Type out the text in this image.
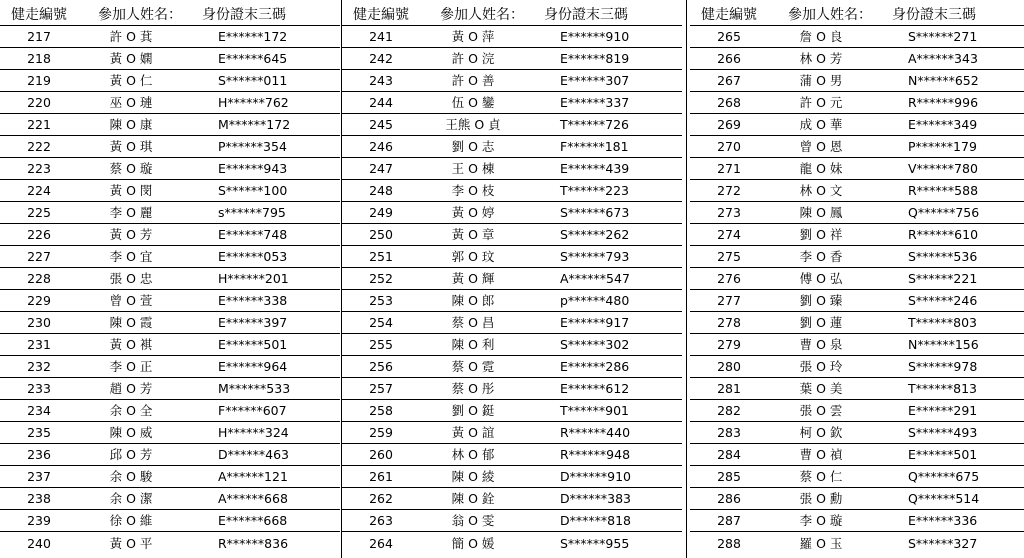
健走編號	參加人姓名：	身份證末三碼
217	許 O 萁	E******172
218	黃 O 嫻	E******645
219	黃 O 仁	S******011
220	巫 O 璉	H******762
221	陳 O 康	M******172
222	黃 O 琪	P******354
223	蔡 O 璇	E******943
224	黃 O 閔	S******100
225	李 O 麗	s******795
226	黃 O 芳	E******748
227	李 O 宜	E******053
228	張 O 忠	H******201
229	曾 O 萱	E******338
230	陳 O 霞	E******397
231	黃 O 褀	E******501
232	李 O 正	E******964
233	趙 O 芳	M******533
234	余 O 全	F******607
235	陳 O 威	H******324
236	邱 O 芳	D******463
237	余 O 駿	A******121
238	余 O 潔	A******668
239	徐 O 維	E******668
240	黃 O 平	R******836
健走編號	參加人姓名：	身份證末三碼
241	黃 O 萍	E******910
242	許 O 浣	E******819
243	許 O 善	E******307
244	伍 O 鑾	E******337
245	王熊 O 貞	T******726
246	劉 O 志	F******181
247	王 O 棟	E******439
248	李 O 枝	T******223
249	黃 O 婷	S******673
250	黃 O 章	S******262
251	郭 O 玟	S******793
252	黃 O 輝	A******547
253	陳 O 郎	p******480
254	蔡 O 昌	E******917
255	陳 O 利	S******302
256	蔡 O 霓	E******286
257	蔡 O 彤	E******612
258	劉 O 鋌	T******901
259	黃 O 誼	R******440
260	林 O 郁	R******948
261	陳 O 綾	D******910
262	陳 O 銓	D******383
263	翁 O 雯	D******818
264	簡 O 媛	S******955
健走編號	參加人姓名：	身份證末三碼
265	詹 O 良	S******271
266	林 O 芳	A******343
267	蒲 O 男	N******652
268	許 O 元	R******996
269	成 O 華	E******349
270	曾 O 恩	P******179
271	龍 O 妹	V******780
272	林 O 文	R******588
273	陳 O 鳳	Q******756
274	劉 O 祥	R******610
275	李 O 香	S******536
276	傅 O 弘	S******221
277	劉 O 臻	S******246
278	劉 O 蓮	T******803
279	曹 O 泉	N******156
280	張 O 玲	S******978
281	葉 O 美	T******813
282	張 O 雲	E******291
283	柯 O 欽	S******493
284	曹 O 禎	E******501
285	蔡 O 仁	Q******675
286	張 O 勳	Q******514
287	李 O 璇	E******336
288	羅 O 玉	S******327
